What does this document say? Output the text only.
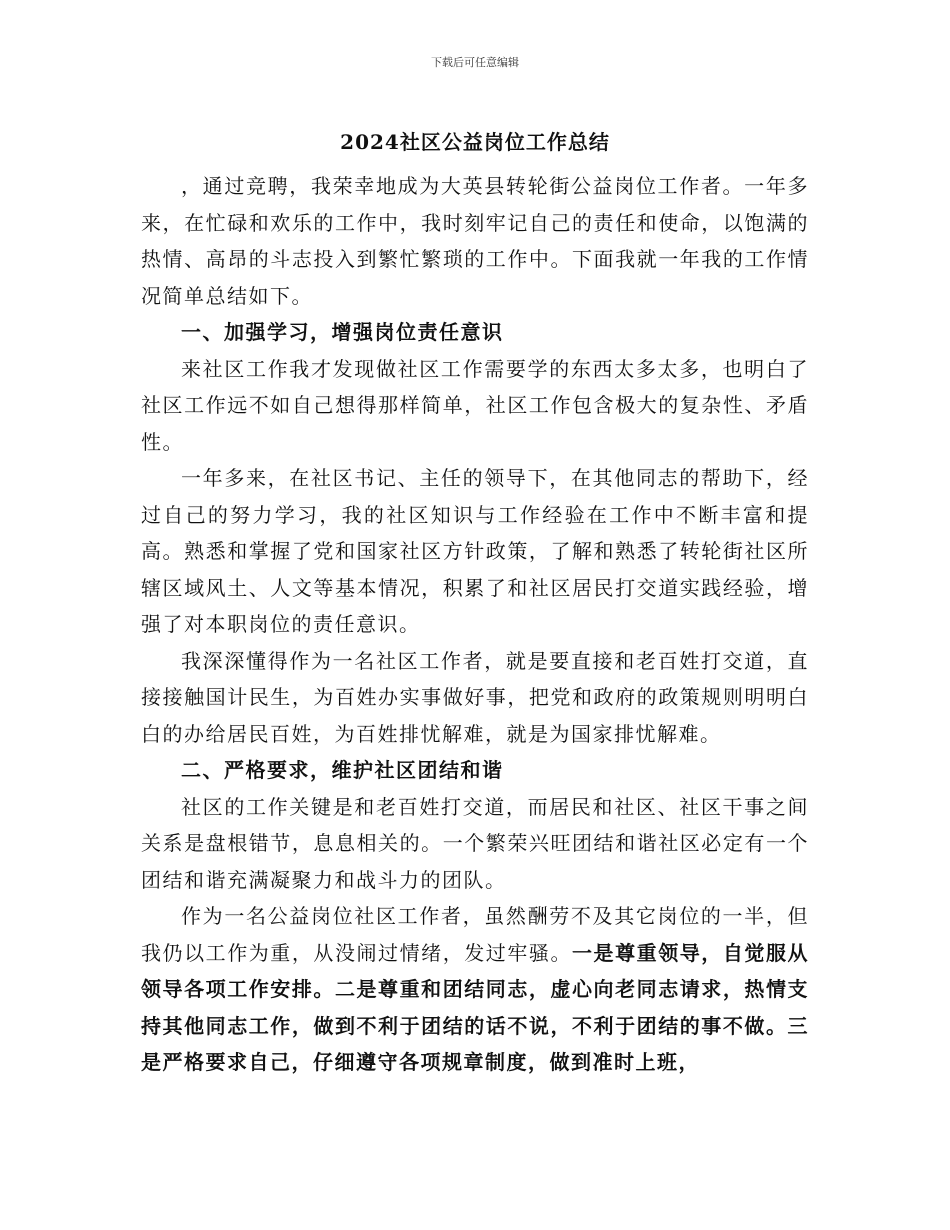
下载后可任意编辑
2024社区公益岗位工作总结

，通过竞聘，我荣幸地成为大英县转轮街公益岗位工作者。一年多来，在忙碌和欢乐的工作中，我时刻牢记自己的责任和使命，以饱满的热情、高昂的斗志投入到繁忙繁琐的工作中。下面我就一年我的工作情况简单总结如下。

一、加强学习，增强岗位责任意识

来社区工作我才发现做社区工作需要学的东西太多太多，也明白了社区工作远不如自己想得那样简单，社区工作包含极大的复杂性、矛盾性。

一年多来，在社区书记、主任的领导下，在其他同志的帮助下，经过自己的努力学习，我的社区知识与工作经验在工作中不断丰富和提高。熟悉和掌握了党和国家社区方针政策，了解和熟悉了转轮街社区所辖区域风土、人文等基本情况，积累了和社区居民打交道实践经验，增强了对本职岗位的责任意识。

我深深懂得作为一名社区工作者，就是要直接和老百姓打交道，直接接触国计民生，为百姓办实事做好事，把党和政府的政策规则明明白白的办给居民百姓，为百姓排忧解难，就是为国家排忧解难。

二、严格要求，维护社区团结和谐

社区的工作关键是和老百姓打交道，而居民和社区、社区干事之间关系是盘根错节，息息相关的。一个繁荣兴旺团结和谐社区必定有一个团结和谐充满凝聚力和战斗力的团队。

作为一名公益岗位社区工作者，虽然酬劳不及其它岗位的一半，但我仍以工作为重，从没闹过情绪，发过牢骚。一是尊重领导，自觉服从领导各项工作安排。二是尊重和团结同志，虚心向老同志请求，热情支持其他同志工作，做到不利于团结的话不说，不利于团结的事不做。三是严格要求自己，仔细遵守各项规章制度，做到准时上班，
